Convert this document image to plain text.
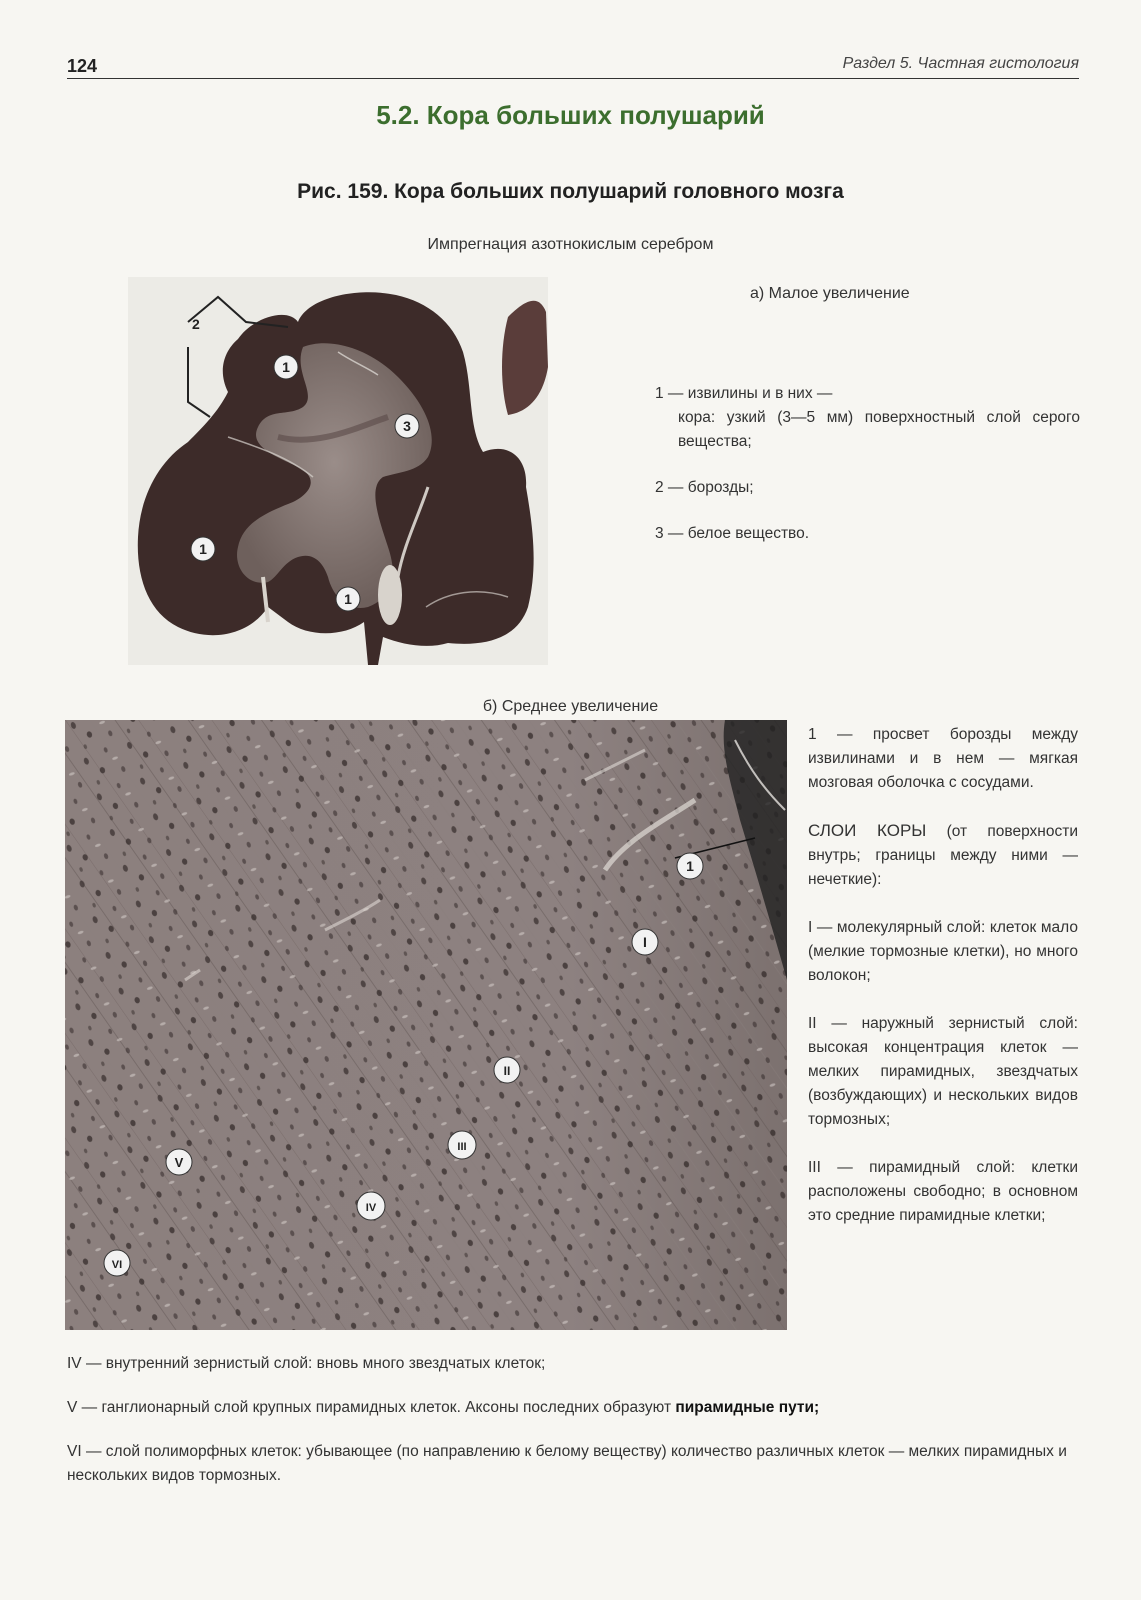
124	Раздел 5. Частная гистология
5.2. Кора больших полушарий
Рис. 159. Кора больших полушарий головного мозга
Импрегнация азотнокислым серебром
2
1
3
1
1
а) Малое увеличение

1 — извилины и в них —

кора: узкий (3—5 мм) поверхностный слой серого вещества;

2 — борозды;

3 — белое вещество.

б) Среднее увеличение
1
I
II
III
IV
V
VI

1 — просвет борозды между извилинами и в нем — мягкая мозговая оболочка с сосудами.

СЛОИ КОРЫ (от поверхности внутрь; границы между ними — нечеткие):

I — молекулярный слой: клеток мало (мелкие тормозные клетки), но много волокон;

II — наружный зернистый слой: высокая концентрация клеток — мелких пирамидных, звездчатых (возбуждающих) и нескольких видов тормозных;

III — пирамидный слой: клетки расположены свободно; в основном это средние пирамидные клетки;

IV — внутренний зернистый слой: вновь много звездчатых клеток;

V — ганглионарный слой крупных пирамидных клеток. Аксоны последних образуют пирамидные пути;

VI — слой полиморфных клеток: убывающее (по направлению к белому веществу) количество различных клеток — мелких пирамидных и нескольких видов тормозных.
